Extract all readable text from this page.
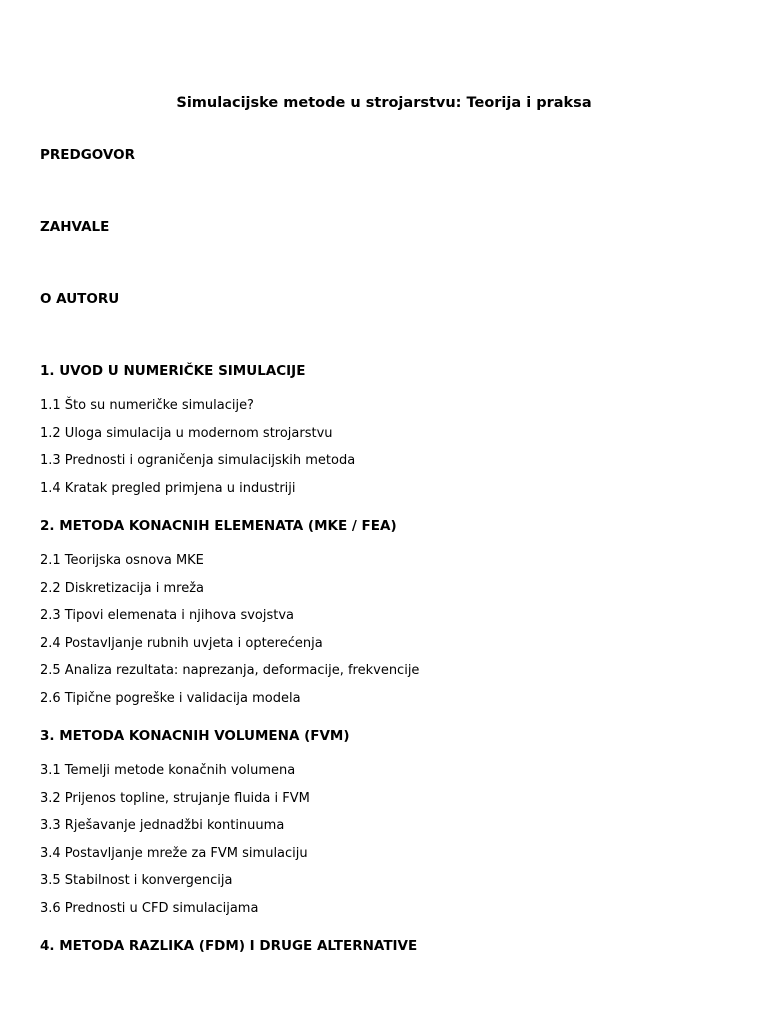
Simulacijske metode u strojarstvu: Teorija i praksa
PREDGOVOR
ZAHVALE
O AUTORU
1. UVOD U NUMERIČKE SIMULACIJE
1.1 Što su numeričke simulacije?
1.2 Uloga simulacija u modernom strojarstvu
1.3 Prednosti i ograničenja simulacijskih metoda
1.4 Kratak pregled primjena u industriji
2. METODA KONACNIH ELEMENATA (MKE / FEA)
2.1 Teorijska osnova MKE
2.2 Diskretizacija i mreža
2.3 Tipovi elemenata i njihova svojstva
2.4 Postavljanje rubnih uvjeta i opterećenja
2.5 Analiza rezultata: naprezanja, deformacije, frekvencije
2.6 Tipične pogreške i validacija modela
3. METODA KONACNIH VOLUMENA (FVM)
3.1 Temelji metode konačnih volumena
3.2 Prijenos topline, strujanje fluida i FVM
3.3 Rješavanje jednadžbi kontinuuma
3.4 Postavljanje mreže za FVM simulaciju
3.5 Stabilnost i konvergencija
3.6 Prednosti u CFD simulacijama
4. METODA RAZLIKA (FDM) I DRUGE ALTERNATIVE
